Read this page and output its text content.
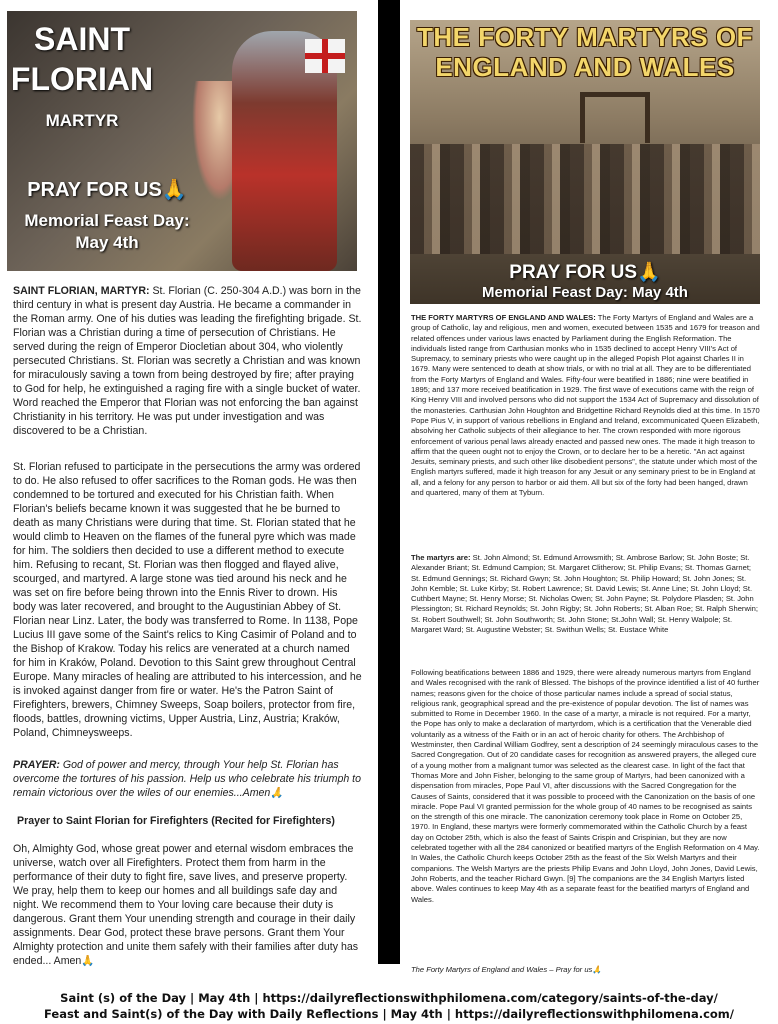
SAINT
FLORIAN
MARTYR
PRAY FOR US🙏
Memorial Feast Day:
May 4th
SAINT FLORIAN, MARTYR: St. Florian (C. 250-304 A.D.) was born in the third century in what is present day Austria. He became a commander in the Roman army. One of his duties was leading the firefighting brigade. St. Florian was a Christian during a time of persecution of Christians. He served during the reign of Emperor Diocletian about 304, who violently persecuted Christians. St. Florian was secretly a Christian and was known for miraculously saving a town from being destroyed by fire; after praying to God for help, he extinguished a raging fire with a single bucket of water. Word reached the Emperor that Florian was not enforcing the ban against Christianity in his territory. He was put under investigation and was discovered to be a Christian.
St. Florian refused to participate in the persecutions the army was ordered to do. He also refused to offer sacrifices to the Roman gods. He was then condemned to be tortured and executed for his Christian faith. When Florian's beliefs became known it was suggested that he be burned to death as many Christians were during that time. St. Florian stated that he would climb to Heaven on the flames of the funeral pyre which was made for him. The soldiers then decided to use a different method to execute him. Refusing to recant, St. Florian was then flogged and flayed alive, scourged, and martyred. A large stone was tied around his neck and he was set on fire before being thrown into the Ennis River to drown. His body was later recovered, and brought to the Augustinian Abbey of St. Florian near Linz. Later, the body was transferred to Rome. In 1138, Pope Lucius III gave some of the Saint's relics to King Casimir of Poland and to the Bishop of Krakow. Today his relics are venerated at a church named for him in Kraków, Poland. Devotion to this Saint grew throughout Central Europe. Many miracles of healing are attributed to his intercession, and he is invoked against danger from fire or water. He's the Patron Saint of Firefighters, brewers, Chimney Sweeps, Soap boilers, protector from fire, floods, battles, drowning victims, Upper Austria, Linz, Austria; Kraków, Poland, Chimneysweeps.
PRAYER: God of power and mercy, through Your help St. Florian has overcome the tortures of his passion. Help us who celebrate his triumph to remain victorious over the wiles of our enemies...Amen🙏
Prayer to Saint Florian for Firefighters (Recited for Firefighters)
Oh, Almighty God, whose great power and eternal wisdom embraces the universe, watch over all Firefighters. Protect them from harm in the performance of their duty to fight fire, save lives, and preserve property. We pray, help them to keep our homes and all buildings safe day and night. We recommend them to Your loving care because their duty is dangerous. Grant them Your unending strength and courage in their daily assignments. Dear God, protect these brave persons. Grant them Your Almighty protection and unite them safely with their families after duty has ended... Amen🙏
THE FORTY MARTYRS OF
ENGLAND AND WALES
PRAY FOR US🙏
Memorial Feast Day: May 4th
THE FORTY MARTYRS OF ENGLAND AND WALES: The Forty Martyrs of England and Wales are a group of Catholic, lay and religious, men and women, executed between 1535 and 1679 for treason and related offences under various laws enacted by Parliament during the English Reformation. The individuals listed range from Carthusian monks who in 1535 declined to accept Henry VIII's Act of Supremacy, to seminary priests who were caught up in the alleged Popish Plot against Charles II in 1679. Many were sentenced to death at show trials, or with no trial at all. They are to be differentiated from the Forty Martyrs of England and Wales. Fifty-four were beatified in 1886; nine were beatified in 1895; and 137 more received beatification in 1929. The first wave of executions came with the reign of King Henry VIII and involved persons who did not support the 1534 Act of Supremacy and dissolution of the monasteries. Carthusian John Houghton and Bridgettine Richard Reynolds died at this time. In 1570 Pope Pius V, in support of various rebellions in England and Ireland, excommunicated Queen Elizabeth, absolving her Catholic subjects of their allegiance to her. The crown responded with more rigorous enforcement of various penal laws already enacted and passed new ones. The made it high treason to affirm that the queen ought not to enjoy the Crown, or to declare her to be a heretic. "An act against Jesuits, seminary priests, and such other like disobedient persons", the statute under which most of the English martyrs suffered, made it high treason for any Jesuit or any seminary priest to be in England at all, and a felony for any person to harbor or aid them. All but six of the forty had been hanged, drawn and quartered, many of them at Tyburn.
The martyrs are: St. John Almond; St. Edmund Arrowsmith; St. Ambrose Barlow; St. John Boste; St. Alexander Briant; St. Edmund Campion; St. Margaret Clitherow; St. Philip Evans; St. Thomas Garnet; St. Edmund Gennings; St. Richard Gwyn; St. John Houghton; St. Philip Howard; St. John Jones; St. John Kemble; St. Luke Kirby; St. Robert Lawrence; St. David Lewis; St. Anne Line; St. John Lloyd; St. Cuthbert Mayne; St. Henry Morse; St. Nicholas Owen; St. John Payne; St. Polydore Plasden; St. John Plessington; St. Richard Reynolds; St. John Rigby; St. John Roberts; St. Alban Roe; St. Ralph Sherwin; St. Robert Southwell; St. John Southworth; St. John Stone; St.John Wall; St. Henry Walpole; St. Margaret Ward; St. Augustine Webster; St. Swithun Wells; St. Eustace White
Following beatifications between 1886 and 1929, there were already numerous martyrs from England and Wales recognised with the rank of Blessed. The bishops of the province identified a list of 40 further names; reasons given for the choice of those particular names include a spread of social status, religious rank, geographical spread and the pre-existence of popular devotion. The list of names was submitted to Rome in December 1960. In the case of a martyr, a miracle is not required. For a martyr, the Pope has only to make a declaration of martyrdom, which is a certification that the Venerable died voluntarily as a witness of the Faith or in an act of heroic charity for others. The Archbishop of Westminster, then Cardinal William Godfrey, sent a description of 24 seemingly miraculous cases to the Sacred Congregation. Out of 20 candidate cases for recognition as answered prayers, the alleged cure of a young mother from a malignant tumor was selected as the clearest case. In light of the fact that Thomas More and John Fisher, belonging to the same group of Martyrs, had been canonized with a dispensation from miracles, Pope Paul VI, after discussions with the Sacred Congregation for the Causes of Saints, considered that it was possible to proceed with the Canonization on the basis of one miracle. Pope Paul VI granted permission for the whole group of 40 names to be recognised as saints on the strength of this one miracle. The canonization ceremony took place in Rome on October 25, 1970. In England, these martyrs were formerly commemorated within the Catholic Church by a feast day on October 25th, which is also the feast of Saints Crispin and Crispinian, but they are now celebrated together with all the 284 canonized or beatified martyrs of the English Reformation on 4 May. In Wales, the Catholic Church keeps October 25th as the feast of the Six Welsh Martyrs and their companions. The Welsh Martyrs are the priests Philip Evans and John Lloyd, John Jones, David Lewis, John Roberts, and the teacher Richard Gwyn. [9] The companions are the 34 English Martyrs listed above. Wales continues to keep May 4th as a separate feast for the beatified martyrs of England and Wales.
The Forty Martyrs of England and Wales – Pray for us🙏
Saint (s) of the Day | May 4th | https://dailyreflectionswithphilomena.com/category/saints-of-the-day/
Feast and Saint(s) of the Day with Daily Reflections | May 4th | https://dailyreflectionswithphilomena.com/
